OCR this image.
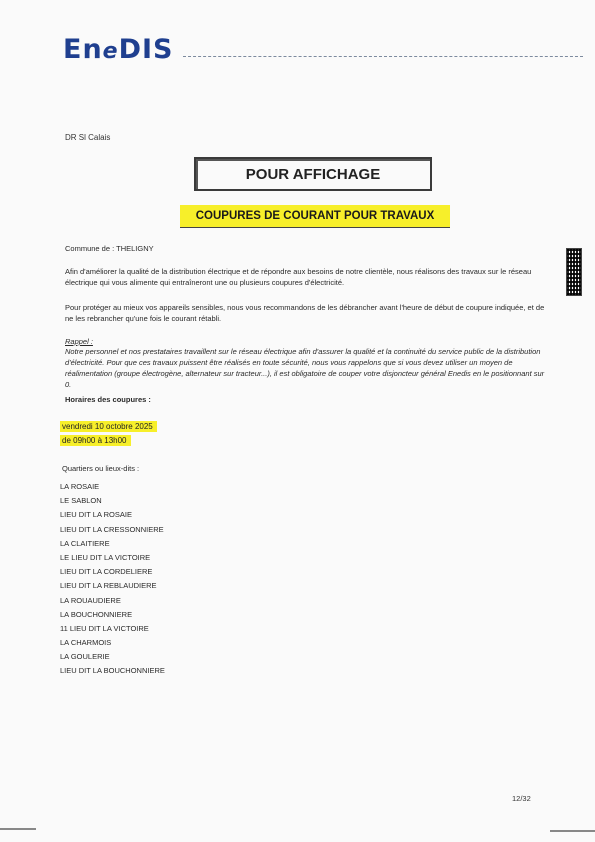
EneDIS
DR Sl Calais
POUR AFFICHAGE
COUPURES DE COURANT POUR TRAVAUX
Commune de : THELIGNY
Afin d'améliorer la qualité de la distribution électrique et de répondre aux besoins de notre clientèle, nous réalisons des travaux sur le réseau électrique qui vous alimente qui entraîneront une ou plusieurs coupures d'électricité.
Pour protéger au mieux vos appareils sensibles, nous vous recommandons de les débrancher avant l'heure de début de coupure indiquée, et de ne les rebrancher qu'une fois le courant rétabli.
Rappel :
Notre personnel et nos prestataires travaillent sur le réseau électrique afin d'assurer la qualité et la continuité du service public de la distribution d'électricité. Pour que ces travaux puissent être réalisés en toute sécurité, nous vous rappelons que si vous devez utiliser un moyen de réalimentation (groupe électrogène, alternateur sur tracteur...), il est obligatoire de couper votre disjoncteur général Enedis en le positionnant sur 0.
Horaires des coupures :
vendredi 10 octobre 2025
de 09h00 à 13h00
Quartiers ou lieux-dits :
LA ROSAIE
LE SABLON
LIEU DIT LA ROSAIE
LIEU DIT LA CRESSONNIERE
LA CLAITIERE
LE LIEU DIT LA VICTOIRE
LIEU DIT LA CORDELIERE
LIEU DIT LA REBLAUDIERE
LA ROUAUDIERE
LA BOUCHONNIERE
11 LIEU DIT LA VICTOIRE
LA CHARMOIS
LA GOULERIE
LIEU DIT LA BOUCHONNIERE
12/32
